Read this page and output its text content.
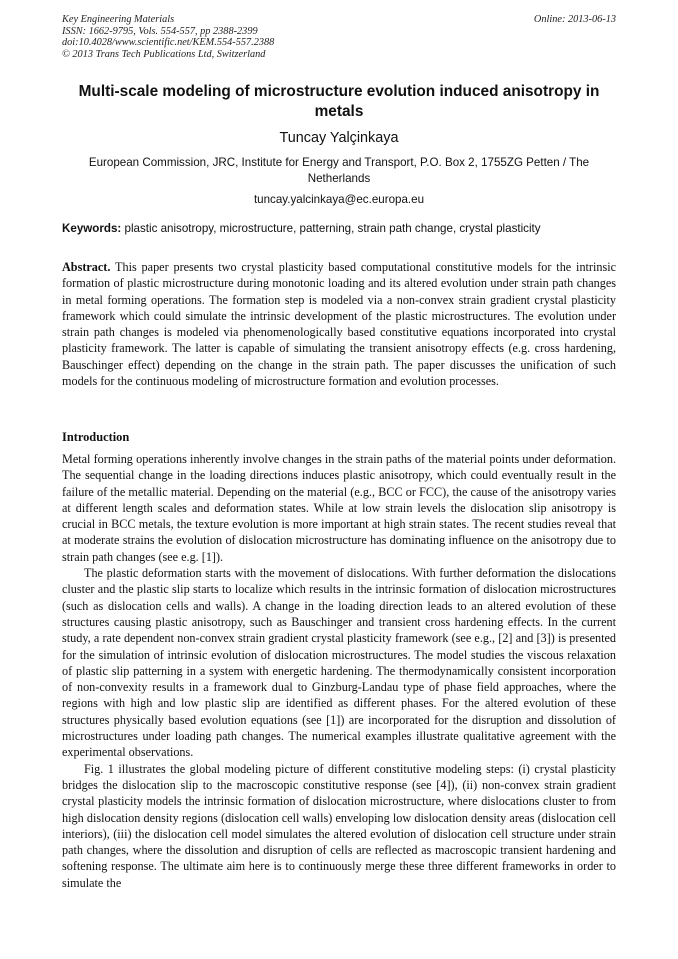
Key Engineering Materials
ISSN: 1662-9795, Vols. 554-557, pp 2388-2399
doi:10.4028/www.scientific.net/KEM.554-557.2388
© 2013 Trans Tech Publications Ltd, Switzerland
Online: 2013-06-13
Multi-scale modeling of microstructure evolution induced anisotropy in metals
Tuncay Yalçinkaya
European Commission, JRC, Institute for Energy and Transport, P.O. Box 2, 1755ZG Petten / The Netherlands
tuncay.yalcinkaya@ec.europa.eu
Keywords: plastic anisotropy, microstructure, patterning, strain path change, crystal plasticity
Abstract. This paper presents two crystal plasticity based computational constitutive models for the intrinsic formation of plastic microstructure during monotonic loading and its altered evolution under strain path changes in metal forming operations. The formation step is modeled via a non-convex strain gradient crystal plasticity framework which could simulate the intrinsic development of the plastic microstructures. The evolution under strain path changes is modeled via phenomenologically based constitutive equations incorporated into crystal plasticity framework. The latter is capable of simulating the transient anisotropy effects (e.g. cross hardening, Bauschinger effect) depending on the change in the strain path. The paper discusses the unification of such models for the continuous modeling of microstructure formation and evolution processes.
Introduction

Metal forming operations inherently involve changes in the strain paths of the material points under deformation. The sequential change in the loading directions induces plastic anisotropy, which could eventually result in the failure of the metallic material. Depending on the material (e.g., BCC or FCC), the cause of the anisotropy varies at different length scales and deformation states. While at low strain levels the dislocation slip anisotropy is crucial in BCC metals, the texture evolution is more important at high strain states. The recent studies reveal that at moderate strains the evolution of dislocation microstructure has dominating influence on the anisotropy due to strain path changes (see e.g. [1]).

The plastic deformation starts with the movement of dislocations. With further deformation the dislocations cluster and the plastic slip starts to localize which results in the intrinsic formation of dislocation microstructures (such as dislocation cells and walls). A change in the loading direction leads to an altered evolution of these structures causing plastic anisotropy, such as Bauschinger and transient cross hardening effects. In the current study, a rate dependent non-convex strain gradient crystal plasticity framework (see e.g., [2] and [3]) is presented for the simulation of intrinsic evolution of dislocation microstructures. The model studies the viscous relaxation of plastic slip patterning in a system with energetic hardening. The thermodynamically consistent incorporation of non-convexity results in a framework dual to Ginzburg-Landau type of phase field approaches, where the regions with high and low plastic slip are identified as different phases. For the altered evolution of these structures physically based evolution equations (see [1]) are incorporated for the disruption and dissolution of microstructures under loading path changes. The numerical examples illustrate qualitative agreement with the experimental observations.

Fig. 1 illustrates the global modeling picture of different constitutive modeling steps: (i) crystal plasticity bridges the dislocation slip to the macroscopic constitutive response (see [4]), (ii) non-convex strain gradient crystal plasticity models the intrinsic formation of dislocation microstructure, where dislocations cluster to from high dislocation density regions (dislocation cell walls) enveloping low dislocation density areas (dislocation cell interiors), (iii) the dislocation cell model simulates the altered evolution of dislocation cell structure under strain path changes, where the dissolution and disruption of cells are reflected as macroscopic transient hardening and softening response. The ultimate aim here is to continuously merge these three different frameworks in order to simulate the
